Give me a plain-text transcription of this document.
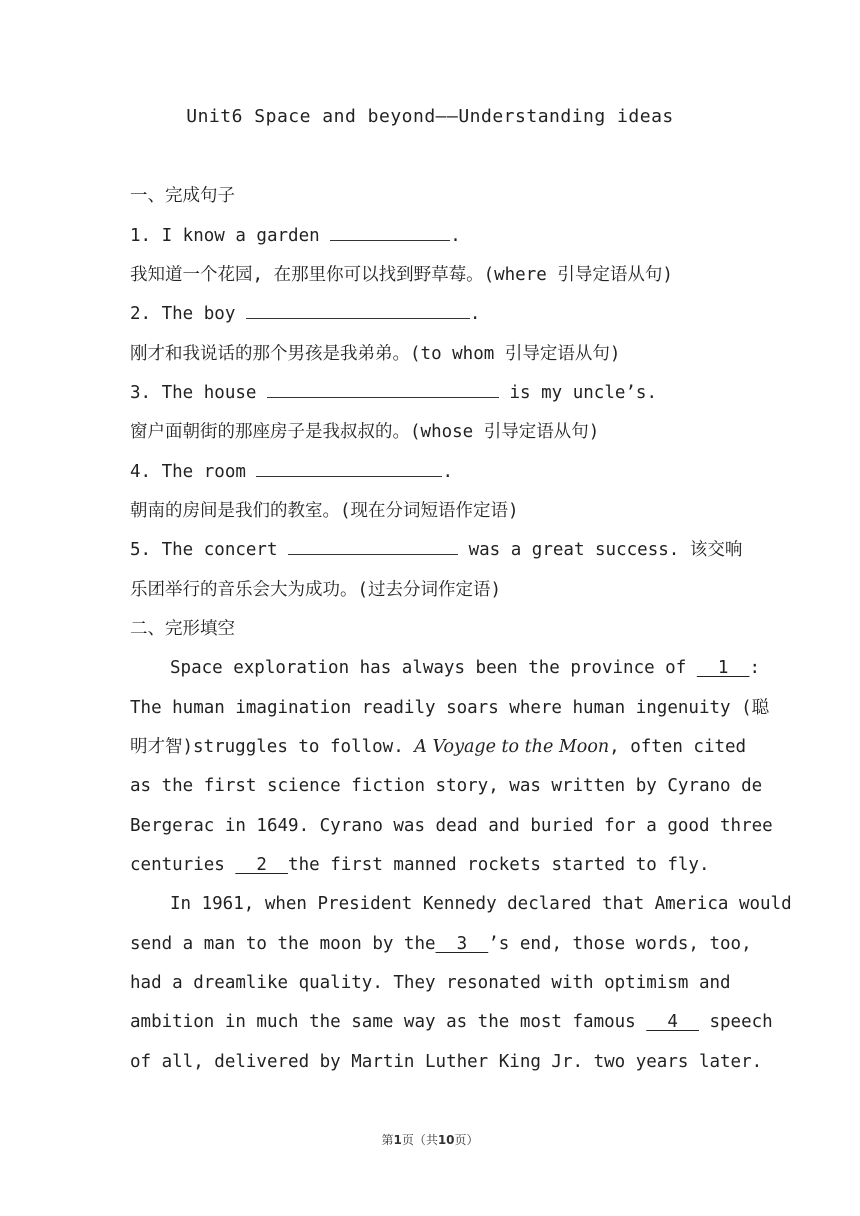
Unit6 Space and beyond——Understanding ideas
一、完成句子
1. I know a garden	.
我知道一个花园, 在那里你可以找到野草莓。(where 引导定语从句)
2. The boy	.
刚才和我说话的那个男孩是我弟弟。(to whom 引导定语从句)
3. The house	is my uncle’s.
窗户面朝街的那座房子是我叔叔的。(whose 引导定语从句)
4. The room	.
朝南的房间是我们的教室。(现在分词短语作定语)
5. The concert	was a great success. 该交响
乐团举行的音乐会大为成功。(过去分词作定语)
二、完形填空
Space exploration has always been the province of   1  :
The human imagination readily soars where human ingenuity (聪
明才智)struggles to follow. A Voyage to the Moon, often cited
as the first science fiction story, was written by Cyrano de
Bergerac in 1649. Cyrano was dead and buried for a good three
centuries   2  the first manned rockets started to fly.
In 1961, when President Kennedy declared that America would
send a man to the moon by the  3  ’s end, those words, too,
had a dreamlike quality. They resonated with optimism and
ambition in much the same way as the most famous   4   speech
of all, delivered by Martin Luther King Jr. two years later.
第1页（共10页）
